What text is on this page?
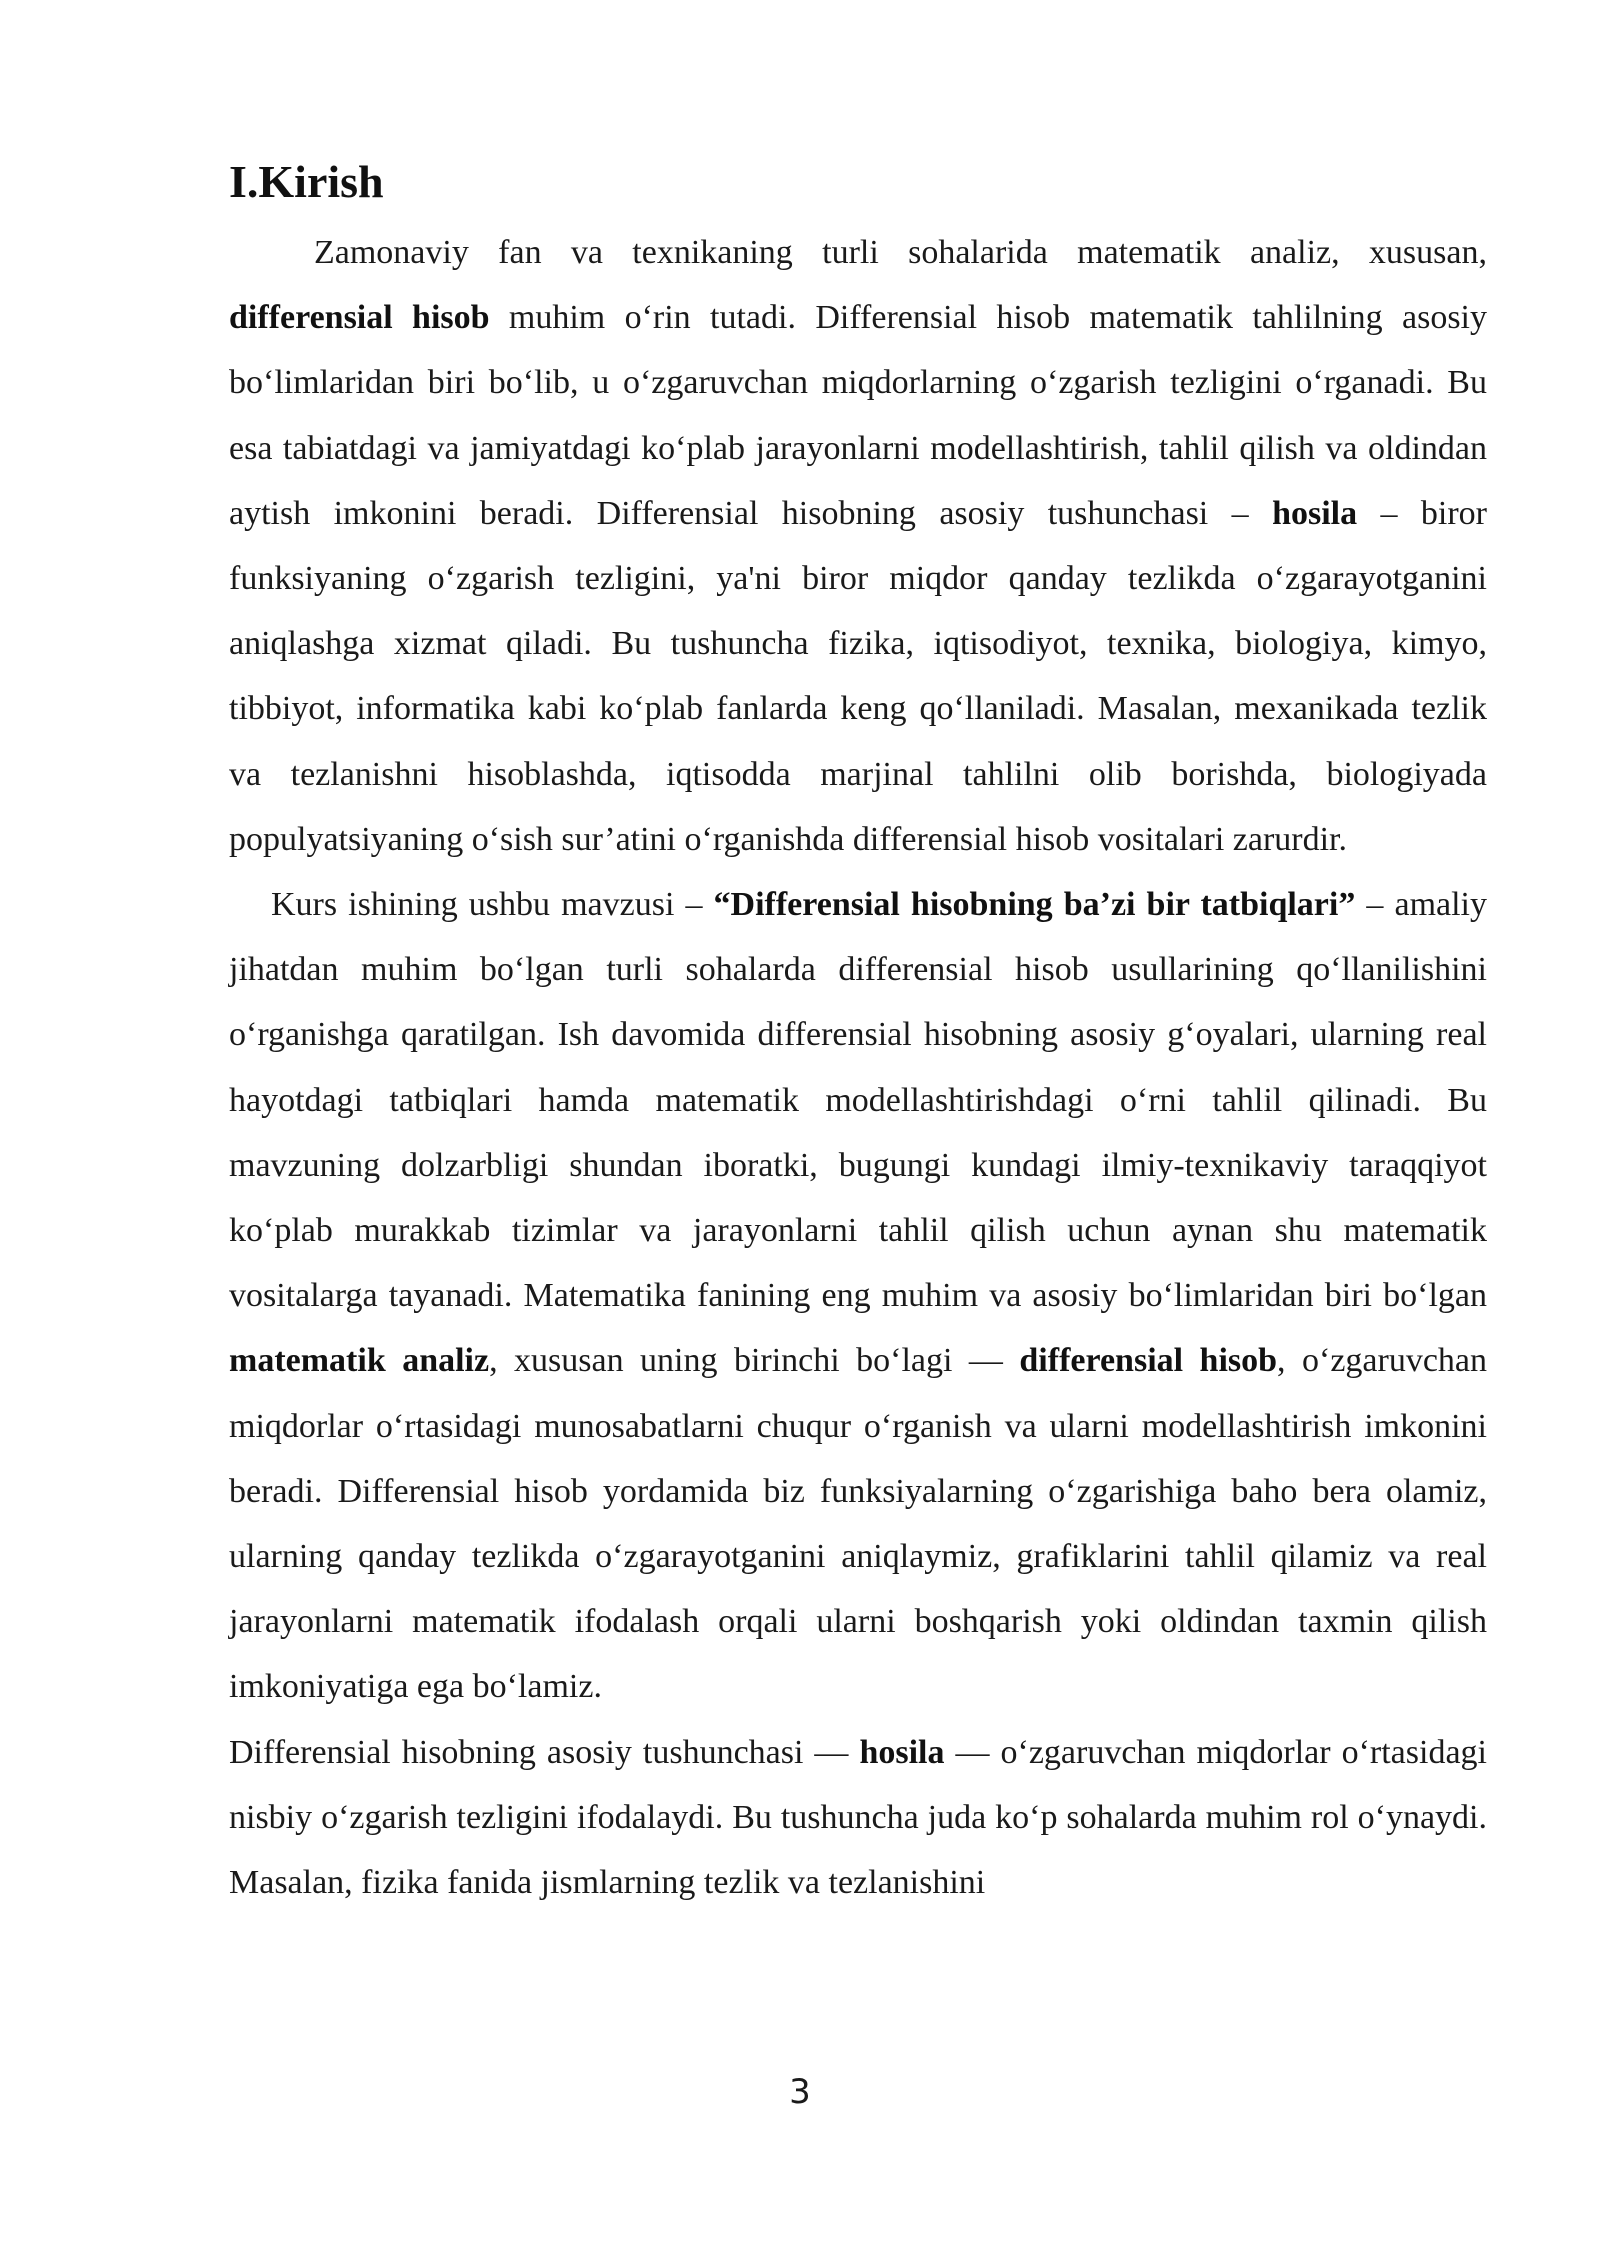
I.Kirish

Zamonaviy fan va texnikaning turli sohalarida matematik analiz, xususan, differensial hisob muhim o‘rin tutadi. Differensial hisob matematik tahlilning asosiy bo‘limlaridan biri bo‘lib, u o‘zgaruvchan miqdorlarning o‘zgarish tezligini o‘rganadi. Bu esa tabiatdagi va jamiyatdagi ko‘plab jarayonlarni modellashtirish, tahlil qilish va oldindan aytish imkonini beradi. Differensial hisobning asosiy tushunchasi – hosila – biror funksiyaning o‘zgarish tezligini, ya'ni biror miqdor qanday tezlikda o‘zgarayotganini aniqlashga xizmat qiladi. Bu tushuncha fizika, iqtisodiyot, texnika, biologiya, kimyo, tibbiyot, informatika kabi ko‘plab fanlarda keng qo‘llaniladi. Masalan, mexanikada tezlik va tezlanishni hisoblashda, iqtisodda marjinal tahlilni olib borishda, biologiyada populyatsiyaning o‘sish sur’atini o‘rganishda differensial hisob vositalari zarurdir.

Kurs ishining ushbu mavzusi – “Differensial hisobning ba’zi bir tatbiqlari” – amaliy jihatdan muhim bo‘lgan turli sohalarda differensial hisob usullarining qo‘llanilishini o‘rganishga qaratilgan. Ish davomida differensial hisobning asosiy g‘oyalari, ularning real hayotdagi tatbiqlari hamda matematik modellashtirishdagi o‘rni tahlil qilinadi. Bu mavzuning dolzarbligi shundan iboratki, bugungi kundagi ilmiy-texnikaviy taraqqiyot ko‘plab murakkab tizimlar va jarayonlarni tahlil qilish uchun aynan shu matematik vositalarga tayanadi. Matematika fanining eng muhim va asosiy bo‘limlaridan biri bo‘lgan matematik analiz, xususan uning birinchi bo‘lagi — differensial hisob, o‘zgaruvchan miqdorlar o‘rtasidagi munosabatlarni chuqur o‘rganish va ularni modellashtirish imkonini beradi. Differensial hisob yordamida biz funksiyalarning o‘zgarishiga baho bera olamiz, ularning qanday tezlikda o‘zgarayotganini aniqlaymiz, grafiklarini tahlil qilamiz va real jarayonlarni matematik ifodalash orqali ularni boshqarish yoki oldindan taxmin qilish imkoniyatiga ega bo‘lamiz.

Differensial hisobning asosiy tushunchasi — hosila — o‘zgaruvchan miqdorlar o‘rtasidagi nisbiy o‘zgarish tezligini ifodalaydi. Bu tushuncha juda ko‘p sohalarda muhim rol o‘ynaydi. Masalan, fizika fanida jismlarning tezlik va tezlanishini

3
